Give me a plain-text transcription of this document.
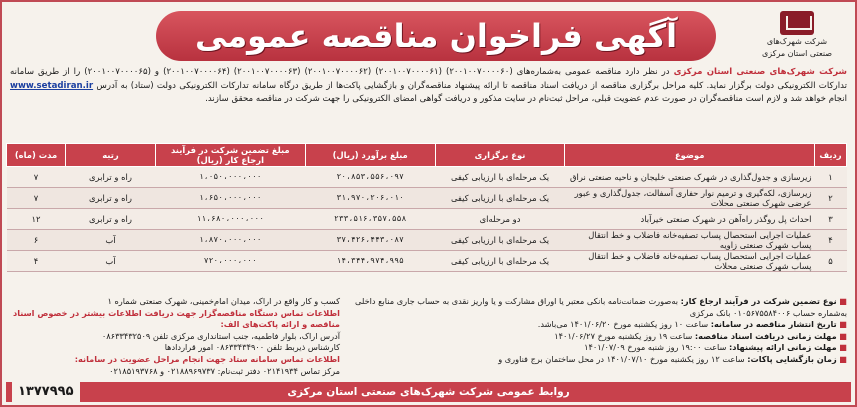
شرکت شهرک‌های
صنعتی استان مرکزی
آگهی فراخوان مناقصه عمومی
شرکت شهرک‌های صنعتی استان مرکزی در نظر دارد مناقصه عمومی به‌شماره‌های (۲۰۰۱۰۰۷۰۰۰۰۶۰) (۲۰۰۱۰۰۷۰۰۰۰۶۱) (۲۰۰۱۰۰۷۰۰۰۰۶۲) (۲۰۰۱۰۰۷۰۰۰۰۶۳) (۲۰۰۱۰۰۷۰۰۰۰۶۴) و (۲۰۰۱۰۰۷۰۰۰۰۶۵) را از طریق سامانه تدارکات الکترونیکی دولت برگزار نماید. کلیه مراحل برگزاری مناقصه از دریافت اسناد مناقصه تا ارائه پیشنهاد مناقصه‌گران و بازگشایی پاکت‌ها از طریق درگاه سامانه تدارکات الکترونیکی دولت (ستاد) به آدرس www.setadiran.ir انجام خواهد شد و لازم است مناقصه‌گران در صورت عدم عضویت قبلی، مراحل ثبت‌نام در سایت مذکور و دریافت گواهی امضای الکترونیکی را جهت شرکت در مناقصه محقق سازند.
ردیف	موضوع	نوع برگزاری	مبلغ برآورد (ریال)	مبلغ تضمین شرکت در فرآیند ارجاع کار (ریال)	رتبه	مدت (ماه)
۱	زیرسازی و جدول‌گذاری در شهرک صنعتی خلیجان و ناحیه صنعتی نراق	یک مرحله‌ای با ارزیابی کیفی	۲۰،۸۵۳،۵۵۶،۰۹۷	۱،۰۵۰،۰۰۰،۰۰۰	راه و ترابری	۷
۲	زیرسازی، لکه‌گیری و ترمیم نوار حفاری آسفالت، جدول‌گذاری و عبور عرضی شهرک صنعتی محلات	یک مرحله‌ای با ارزیابی کیفی	۳۱،۹۷۰،۲۰۶،۰۱۰	۱،۶۵۰،۰۰۰،۰۰۰	راه و ترابری	۷
۳	احداث پل روگذر راه‌آهن در شهرک صنعتی خیرآباد	دو مرحله‌ای	۲۳۳،۵۱۶،۳۵۷،۵۵۸	۱۱،۶۸۰،۰۰۰،۰۰۰	راه و ترابری	۱۲
۴	عملیات اجرایی استحصال پساب تصفیه‌خانه فاضلاب و خط انتقال پساب شهرک صنعتی زاویه	یک مرحله‌ای با ارزیابی کیفی	۳۷،۴۲۶،۴۴۳،۰۸۷	۱،۸۷۰،۰۰۰،۰۰۰	آب	۶
۵	عملیات اجرایی استحصال پساب تصفیه‌خانه فاضلاب و خط انتقال پساب شهرک صنعتی محلات	یک مرحله‌ای با ارزیابی کیفی	۱۴،۳۴۴،۹۷۴،۹۹۵	۷۲۰،۰۰۰،۰۰۰	آب	۴
■ نوع تضمین شرکت در فرآیند ارجاع کار: به‌صورت ضمانت‌نامه بانکی معتبر یا اوراق مشارکت و یا واریز نقدی به حساب جاری منابع داخلی به‌شماره حساب ۰۱۰۵۶۷۵۵۸۴۰۰۶ بانک مرکزی
■ تاریخ انتشار مناقصه در سامانه: ساعت ۱۰ روز یکشنبه مورخ ۱۴۰۱/۰۶/۲۰ می‌باشد.
■ مهلت زمانی دریافت اسناد مناقصه: ساعت ۱۹ روز یکشنبه مورخ ۱۴۰۱/۰۶/۲۷
■ مهلت زمانی ارائه پیشنهاد: ساعت ۱۹:۰۰ روز شنبه مورخ ۱۴۰۱/۰۷/۰۹
■ زمان بازگشایی پاکات: ساعت ۱۲ روز یکشنبه مورخ ۱۴۰۱/۰۷/۱۰ در محل ساختمان برج فناوری و
کسب و کار واقع در اراک، میدان امام‌خمینی، شهرک صنعتی شماره ۱
اطلاعات تماس دستگاه مناقصه‌گزار جهت دریافت اطلاعات بیشتر در خصوص اسناد مناقصه و ارائه پاکت‌های الف:
آدرس اراک، بلوار فاطمیه، جنب استانداری مرکزی تلفن ۰۸۶۳۳۴۳۲۵۰۹
کارشناس ذیربط تلفن ۰۸۶۳۳۴۳۴۹۰۰ امور قراردادها
اطلاعات تماس سامانه ستاد جهت انجام مراحل عضویت در سامانه:
مرکز تماس ۰۲۱۴۱۹۳۴ دفتر ثبت‌نام: ۰۲۱۸۸۹۶۹۷۳۷ و ۰۲۱۸۵۱۹۳۷۶۸
روابط عمومی شرکت شهرک‌های صنعتی استان مرکزی
۱۳۷۷۹۹۵
